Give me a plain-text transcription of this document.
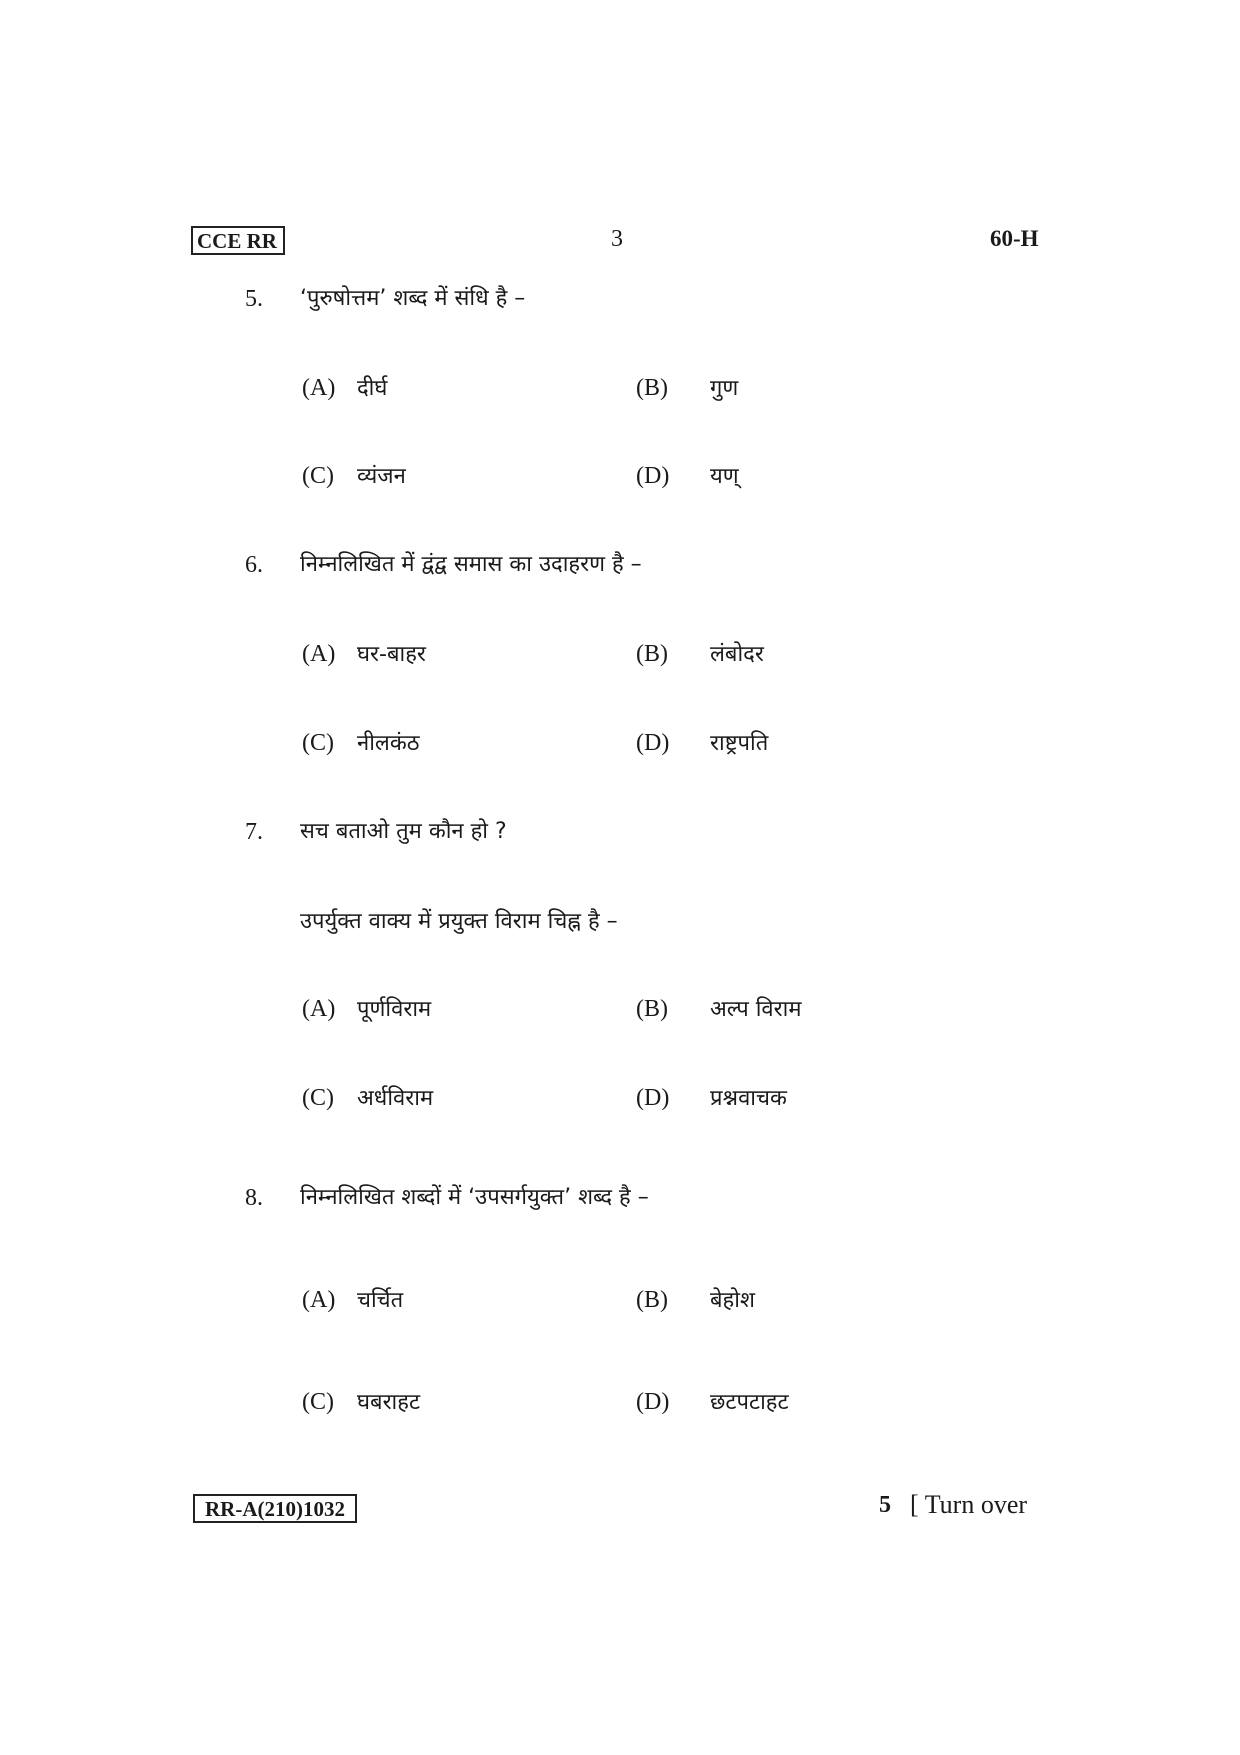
CCE RR	3	60-H
5. ‘पुरुषोत्तम’ शब्द में संधि है –
(A) दीर्घ	(B) गुण
(C) व्यंजन	(D) यण्
6. निम्नलिखित में द्वंद्व समास का उदाहरण है –
(A) घर-बाहर	(B) लंबोदर
(C) नीलकंठ	(D) राष्ट्रपति
7. सच बताओ तुम कौन हो ?
उपर्युक्त वाक्य में प्रयुक्त विराम चिह्न है –
(A) पूर्णविराम	(B) अल्प विराम
(C) अर्धविराम	(D) प्रश्नवाचक
8. निम्नलिखित शब्दों में ‘उपसर्गयुक्त’ शब्द है –
(A) चर्चित	(B) बेहोश
(C) घबराहट	(D) छटपटाहट
RR-A(210)1032	5 [ Turn over
